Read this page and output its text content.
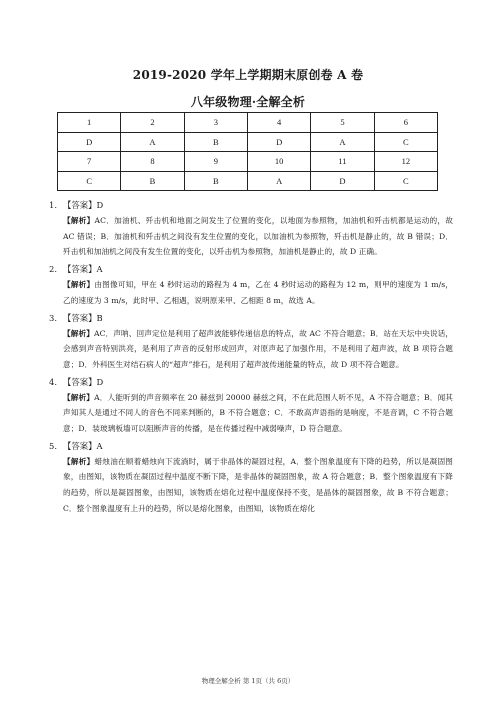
2019-2020 学年上学期期末原创卷 A 卷
八年级物理·全解全析
1	2	3	4	5	6
D	A	B	D	A	C
7	8	9	10	11	12
C	B	B	A	D	C
1. 【答案】D
【解析】AC．加油机、歼击机和地面之间发生了位置的变化，以地面为参照物，加油机和歼击机都是运动的，故 AC 错误；B．加油机和歼击机之间没有发生位置的变化，以加油机为参照物，歼击机是静止的，故 B 错误；D．歼击机和加油机之间没有发生位置的变化，以歼击机为参照物，加油机是静止的，故 D 正确。
2. 【答案】A
【解析】由图像可知，甲在 4 秒时运动的路程为 4 m，乙在 4 秒时运动的路程为 12 m，则甲的速度为 1 m/s，乙的速度为 3 m/s，此时甲、乙相遇，说明原来甲、乙相距 8 m，故选 A。
3. 【答案】B
【解析】AC．声呐、回声定位是利用了超声波能够传递信息的特点，故 AC 不符合题意；B．站在天坛中央说话，会感到声音特别洪亮，是利用了声音的反射形成回声，对原声起了加强作用，不是利用了超声波，故 B 项符合题意；D．外科医生对结石病人的“超声”排石，是利用了超声波传递能量的特点，故 D 项不符合题意。
4. 【答案】D
【解析】A．人能听到的声音频率在 20 赫兹到 20000 赫兹之间，不在此范围人听不见，A 不符合题意；B．闻其声知其人是通过不同人的音色不同来判断的，B 不符合题意；C．不敢高声语指的是响度，不是音调，C 不符合题意；D．装玻璃板墙可以阻断声音的传播，是在传播过程中减弱噪声，D 符合题意。
5. 【答案】A
【解析】蜡烛油在顺着蜡烛向下流淌时，属于非晶体的凝固过程，A．整个图象温度有下降的趋势，所以是凝固图象，由图知，该物质在凝固过程中温度不断下降，是非晶体的凝固图象，故 A 符合题意；B．整个图象温度有下降的趋势，所以是凝固图象，由图知，该物质在熔化过程中温度保持不变，是晶体的凝固图象，故 B 不符合题意；C．整个图象温度有上升的趋势，所以是熔化图象，由图知，该物质在熔化
物理全解全析 第 1页（共 6页）
